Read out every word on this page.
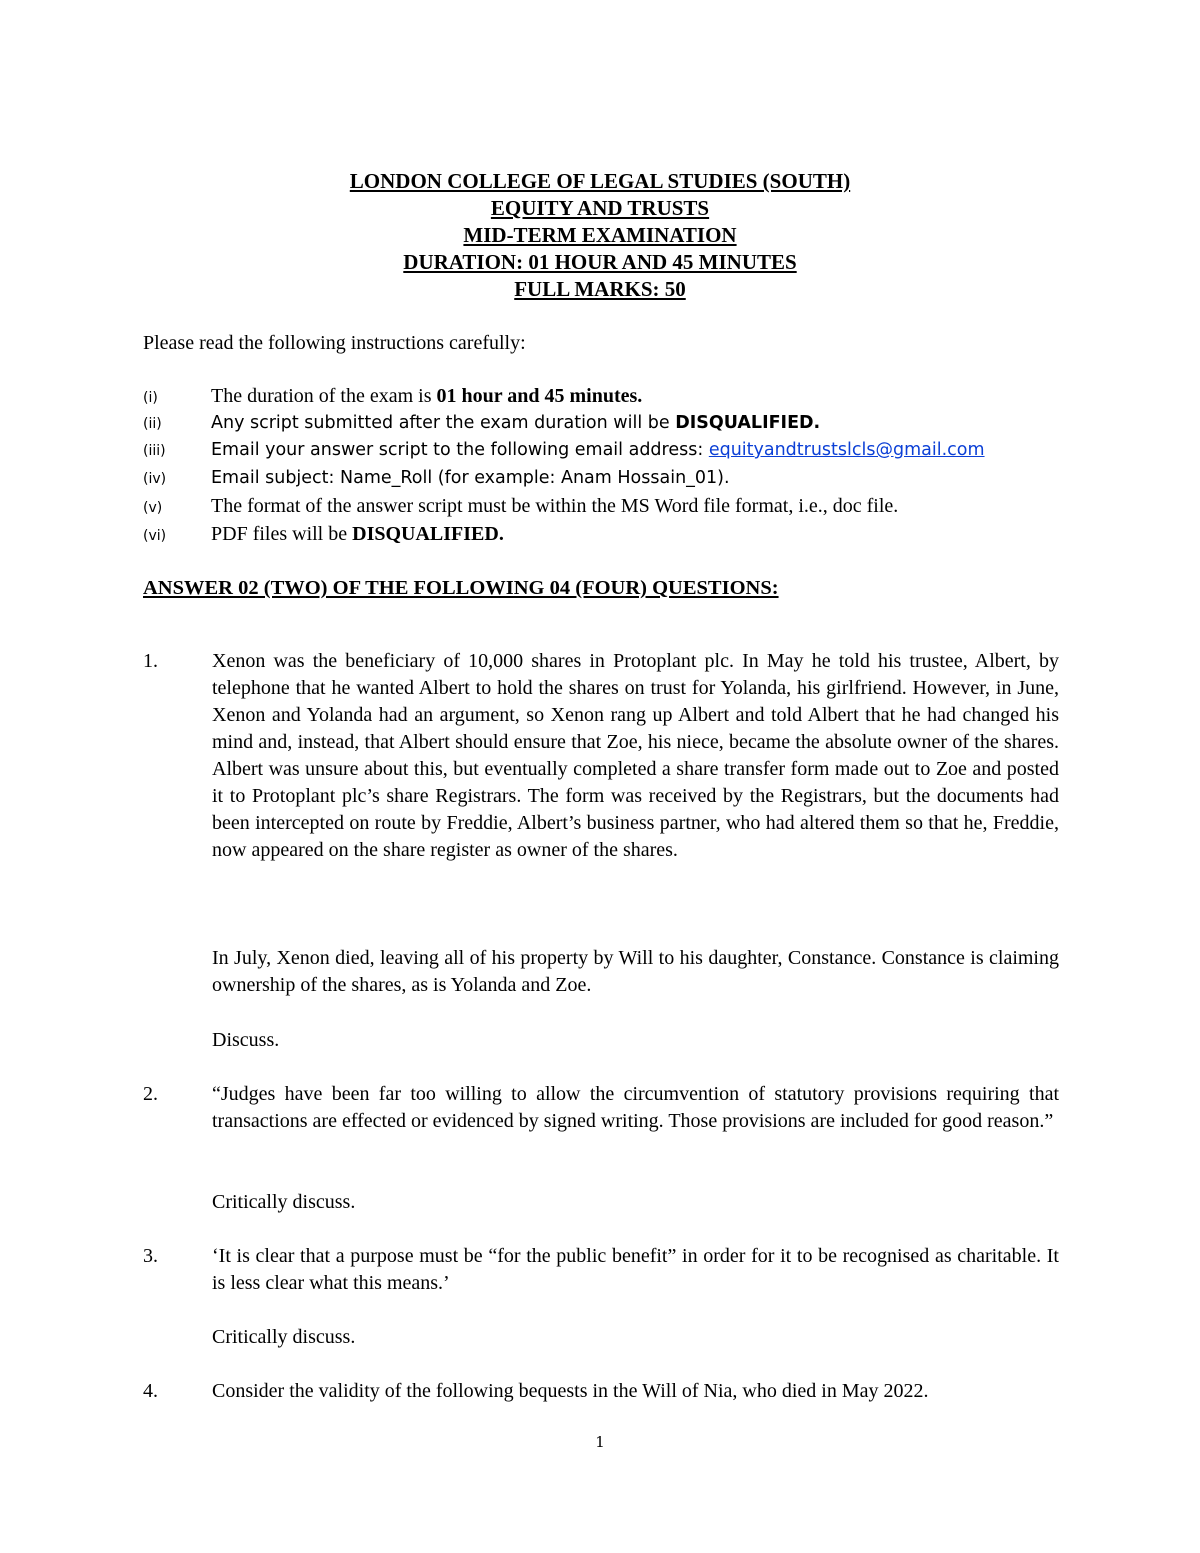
LONDON COLLEGE OF LEGAL STUDIES (SOUTH)
EQUITY AND TRUSTS
MID-TERM EXAMINATION
DURATION: 01 HOUR AND 45 MINUTES
FULL MARKS: 50
Please read the following instructions carefully:
(i)	The duration of the exam is 01 hour and 45 minutes.
(ii)	Any script submitted after the exam duration will be DISQUALIFIED.
(iii)	Email your answer script to the following email address: equityandtrustslcls@gmail.com
(iv)	Email subject: Name_Roll (for example: Anam Hossain_01).
(v)	The format of the answer script must be within the MS Word file format, i.e., doc file.
(vi)	PDF files will be DISQUALIFIED.
ANSWER 02 (TWO) OF THE FOLLOWING 04 (FOUR) QUESTIONS:
1.	Xenon was the beneficiary of 10,000 shares in Protoplant plc. In May he told his trustee, Albert, by telephone that he wanted Albert to hold the shares on trust for Yolanda, his girlfriend. However, in June, Xenon and Yolanda had an argument, so Xenon rang up Albert and told Albert that he had changed his mind and, instead, that Albert should ensure that Zoe, his niece, became the absolute owner of the shares. Albert was unsure about this, but eventually completed a share transfer form made out to Zoe and posted it to Protoplant plc’s share Registrars. The form was received by the Registrars, but the documents had been intercepted on route by Freddie, Albert’s business partner, who had altered them so that he, Freddie, now appeared on the share register as owner of the shares.
In July, Xenon died, leaving all of his property by Will to his daughter, Constance. Constance is claiming ownership of the shares, as is Yolanda and Zoe.
Discuss.
2.	“Judges have been far too willing to allow the circumvention of statutory provisions requiring that transactions are effected or evidenced by signed writing. Those provisions are included for good reason.”
Critically discuss.
3.	‘It is clear that a purpose must be “for the public benefit” in order for it to be recognised as charitable. It is less clear what this means.’
Critically discuss.
4.	Consider the validity of the following bequests in the Will of Nia, who died in May 2022.
1
